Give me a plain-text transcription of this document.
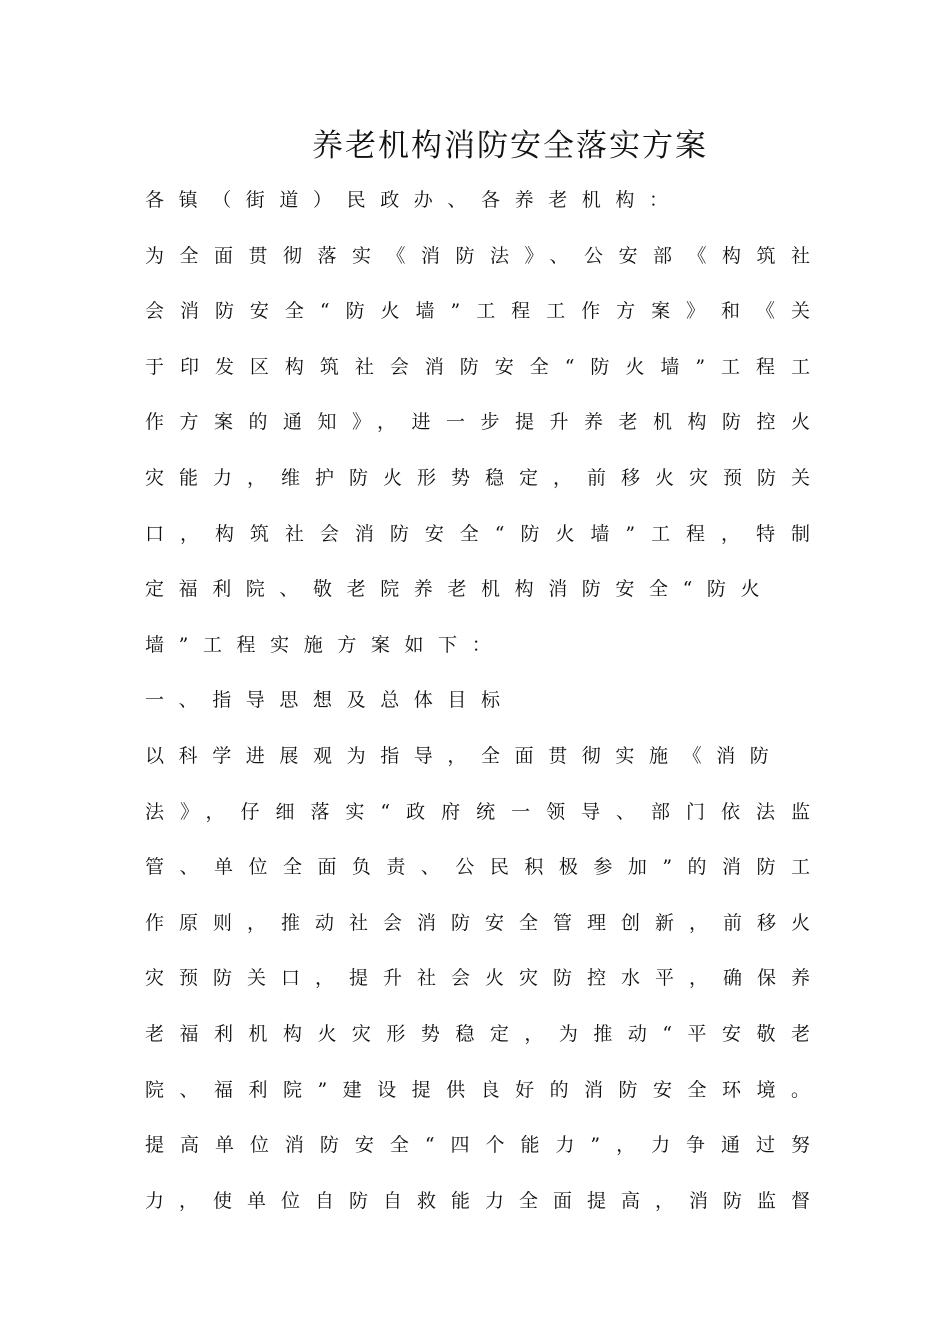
养老机构消防安全落实方案
各镇（街道）民政办、各养老机构：
为全面贯彻落实《消防法》、公安部《构筑社
会消防安全“防火墙”工程工作方案》和《关
于印发区构筑社会消防安全“防火墙”工程工
作方案的通知》，进一步提升养老机构防控火
灾能力，维护防火形势稳定，前移火灾预防关
口，构筑社会消防安全“防火墙”工程，特制
定福利院、敬老院养老机构消防安全“防火
墙”工程实施方案如下：
一、指导思想及总体目标
以科学进展观为指导，全面贯彻实施《消防
法》，仔细落实“政府统一领导、部门依法监
管、单位全面负责、公民积极参加”的消防工
作原则，推动社会消防安全管理创新，前移火
灾预防关口，提升社会火灾防控水平，确保养
老福利机构火灾形势稳定，为推动“平安敬老
院、福利院”建设提供良好的消防安全环境。
提高单位消防安全“四个能力”，力争通过努
力，使单位自防自救能力全面提高，消防监督
